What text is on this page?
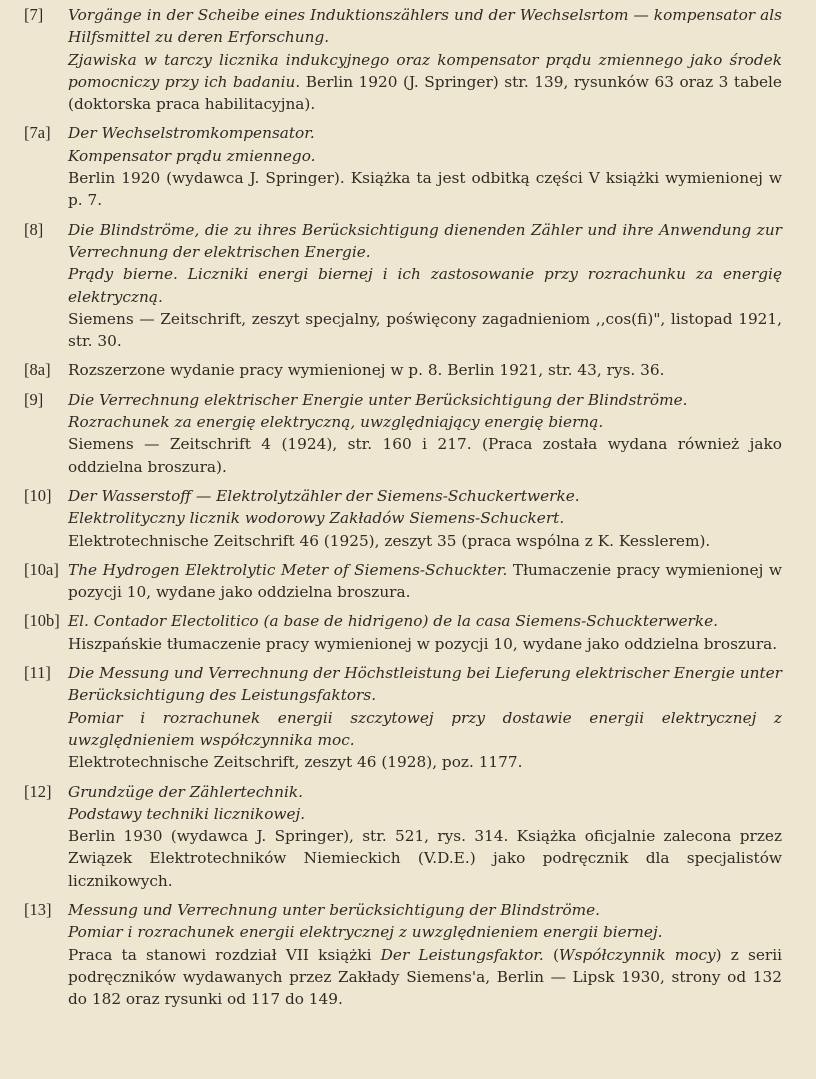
[7]	Vorgänge in der Scheibe eines Induktionszählers und der Wechselsrtom — kompensator als Hilfsmittel zu deren Erforschung.
Zjawiska w tarczy licznika indukcyjnego oraz kompensator prądu zmiennego jako środek pomocniczy przy ich badaniu. Berlin 1920 (J. Springer) str. 139, rysunków 63 oraz 3 tabele (doktorska praca habilitacyjna).
[7a]	Der Wechselstromkompensator.
Kompensator prądu zmiennego.
Berlin 1920 (wydawca J. Springer). Książka ta jest odbitką części V książki wymienionej w p. 7.
[8]	Die Blindströme, die zu ihres Berücksichtigung dienenden Zähler und ihre Anwendung zur Verrechnung der elektrischen Energie.
Prądy bierne. Liczniki energi biernej i ich zastosowanie przy rozrachunku za energię elektryczną.
Siemens — Zeitschrift, zeszyt specjalny, poświęcony zagadnieniom ,,cos(fi)", listopad 1921, str. 30.
[8a]	Rozszerzone wydanie pracy wymienionej w p. 8. Berlin 1921, str. 43, rys. 36.
[9]	Die Verrechnung elektrischer Energie unter Berücksichtigung der Blindströme.
Rozrachunek za energię elektryczną, uwzględniający energię bierną.
Siemens — Zeitschrift 4 (1924), str. 160 i 217. (Praca została wydana również jako oddzielna broszura).
[10]	Der Wasserstoff — Elektrolytzähler der Siemens-Schuckertwerke.
Elektrolityczny licznik wodorowy Zakładów Siemens-Schuckert.
Elektrotechnische Zeitschrift 46 (1925), zeszyt 35 (praca wspólna z K. Kesslerem).
[10a] The Hydrogen Elektrolytic Meter of Siemens-Schuckter. Tłumaczenie pracy wymienionej w pozycji 10, wydane jako oddzielna broszura.
[10b] El. Contador Electolitico (a base de hidrigeno) de la casa Siemens-Schuckterwerke.
Hiszpańskie tłumaczenie pracy wymienionej w pozycji 10, wydane jako oddzielna broszura.
[11]	Die Messung und Verrechnung der Höchstleistung bei Lieferung elektrischer Energie unter Berücksichtigung des Leistungsfaktors.
Pomiar i rozrachunek energii szczytowej przy dostawie energii elektrycznej z uwzględnieniem współczynnika moc.
Elektrotechnische Zeitschrift, zeszyt 46 (1928), poz. 1177.
[12]	Grundzüge der Zählertechnik.
Podstawy techniki licznikowej.
Berlin 1930 (wydawca J. Springer), str. 521, rys. 314. Książka oficjalnie zalecona przez Związek Elektrotechników Niemieckich (V.D.E.) jako podręcznik dla specjalistów licznikowych.
[13]	Messung und Verrechnung unter berücksichtigung der Blindströme.
Pomiar i rozrachunek energii elektrycznej z uwzględnieniem energii biernej.
Praca ta stanowi rozdział VII książki Der Leistungsfaktor. (Współczynnik mocy) z serii podręczników wydawanych przez Zakłady Siemens'a, Berlin — Lipsk 1930, strony od 132 do 182 oraz rysunki od 117 do 149.
